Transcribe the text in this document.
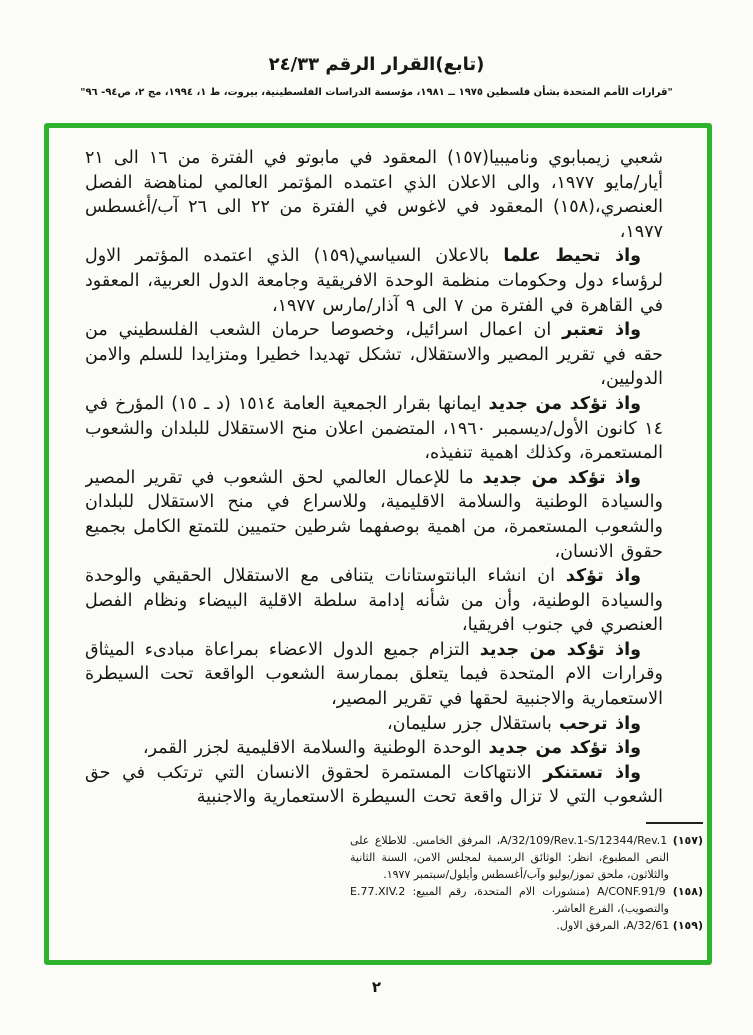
(تابع)القرار الرقم ٢٤/٣٣
"قرارات الأمم المتحدة بشأن فلسطين ١٩٧٥ ــ ١٩٨١، مؤسسة الدراسات الفلسطينية، بيروت، ط ١، ١٩٩٤، مج ٢، ص٩٤- ٩٦"

شعبي زيمبابوي وناميبيا(١٥٧) المعقود في مابوتو في الفترة من ١٦ الى ٢١ أيار/مايو ١٩٧٧، والى الاعلان الذي اعتمده المؤتمر العالمي لمناهضة الفصل العنصري،(١٥٨) المعقود في لاغوس في الفترة من ٢٢ الى ٢٦ آب/أغسطس ١٩٧٧،

واذ تحيط علما بالاعلان السياسي(١٥٩) الذي اعتمده المؤتمر الاول لرؤساء دول وحكومات منظمة الوحدة الافريقية وجامعة الدول العربية، المعقود في القاهرة في الفترة من ٧ الى ٩ آذار/مارس ١٩٧٧،

واذ تعتبر ان اعمال اسرائيل، وخصوصا حرمان الشعب الفلسطيني من حقه في تقرير المصير والاستقلال، تشكل تهديدا خطيرا ومتزايدا للسلم والامن الدوليين،

واذ تؤكد من جديد ايمانها بقرار الجمعية العامة ١٥١٤ (د ـ ١٥) المؤرخ في ١٤ كانون الأول/ديسمبر ١٩٦٠، المتضمن اعلان منح الاستقلال للبلدان والشعوب المستعمرة، وكذلك اهمية تنفيذه،

واذ تؤكد من جديد ما للإعمال العالمي لحق الشعوب في تقرير المصير والسيادة الوطنية والسلامة الاقليمية، وللاسراع في منح الاستقلال للبلدان والشعوب المستعمرة، من اهمية بوصفهما شرطين حتميين للتمتع الكامل بجميع حقوق الانسان،

واذ تؤكد ان انشاء البانتوستانات يتنافى مع الاستقلال الحقيقي والوحدة والسيادة الوطنية، وأن من شأنه إدامة سلطة الاقلية البيضاء ونظام الفصل العنصري في جنوب افريقيا،

واذ تؤكد من جديد التزام جميع الدول الاعضاء بمراعاة مبادىء الميثاق وقرارات الام المتحدة فيما يتعلق بممارسة الشعوب الواقعة تحت السيطرة الاستعمارية والاجنبية لحقها في تقرير المصير،

واذ ترحب باستقلال جزر سليمان،

واذ تؤكد من جديد الوحدة الوطنية والسلامة الاقليمية لجزر القمر،

واذ تستنكر الانتهاكات المستمرة لحقوق الانسان التي ترتكب في حق الشعوب التي لا تزال واقعة تحت السيطرة الاستعمارية والاجنبية

(١٥٧) A/32/109/Rev.1-S/12344/Rev.1، المرفق الخامس. للاطلاع على النص المطبوع، انظر: الوثائق الرسمية لمجلس الامن، السنة الثانية والثلاثون، ملحق تموز/يوليو وآب/أغسطس وأيلول/سبتمبر ١٩٧٧.

(١٥٨) A/CONF.91/9 (منشورات الام المتحدة، رقم المبيع: E.77.XIV.2 والتصويب)، الفرع العاشر.

(١٥٩) A/32/61، المرفق الاول.

٢
